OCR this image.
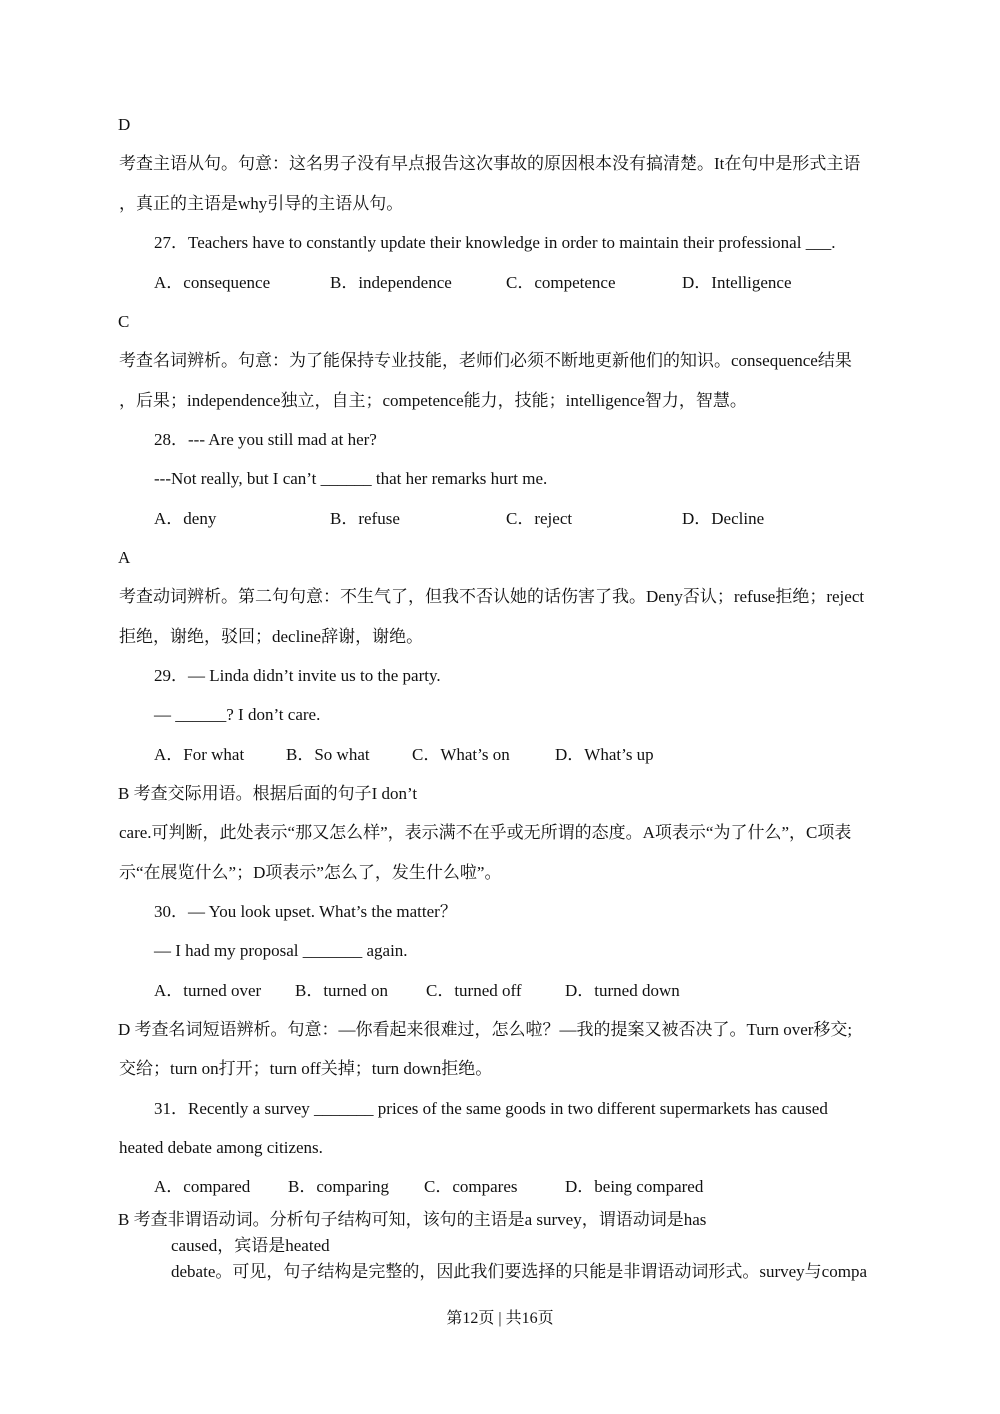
D
考查主语从句。句意：这名男子没有早点报告这次事故的原因根本没有搞清楚。It在句中是形式主语
，真正的主语是why引导的主语从句。
27．Teachers have to constantly update their knowledge in order to maintain their professional ___.
A．consequence	B．independence	C．competence	D．Intelligence
C
考查名词辨析。句意：为了能保持专业技能，老师们必须不断地更新他们的知识。consequence结果
，后果；independence独立，自主；competence能力，技能；intelligence智力，智慧。
28．--- Are you still mad at her?
---Not really, but I can’t ______ that her remarks hurt me.
A．deny	B．refuse	C．reject	D．Decline
A
考查动词辨析。第二句句意：不生气了，但我不否认她的话伤害了我。Deny否认；refuse拒绝；reject
拒绝，谢绝，驳回；decline辞谢，谢绝。
29．— Linda didn’t invite us to the party.
— ______? I don’t care.
A．For what B．So what C．What’s on	D．What’s up
B 考查交际用语。根据后面的句子I don’t
care.可判断，此处表示“那又怎么样”，表示满不在乎或无所谓的态度。A项表示“为了什么”，C项表
示“在展览什么”；D项表示”怎么了，发生什么啦”。
30．— You look upset. What’s the matter？
— I had my proposal _______ again.
A．turned over B．turned on C．turned off	D．turned down
D 考查名词短语辨析。句意：—你看起来很难过，怎么啦？—我的提案又被否决了。Turn over移交;
交给；turn on打开；turn off关掉；turn down拒绝。
31．Recently a survey _______ prices of the same goods in two different supermarkets has caused
heated debate among citizens.
A．compared B．comparing C．compares	D．being compared
B 考查非谓语动词。分析句子结构可知，该句的主语是a survey，谓语动词是has
caused，宾语是heated
debate。可见，句子结构是完整的，因此我们要选择的只能是非谓语动词形式。survey与compa
第12页 | 共16页
